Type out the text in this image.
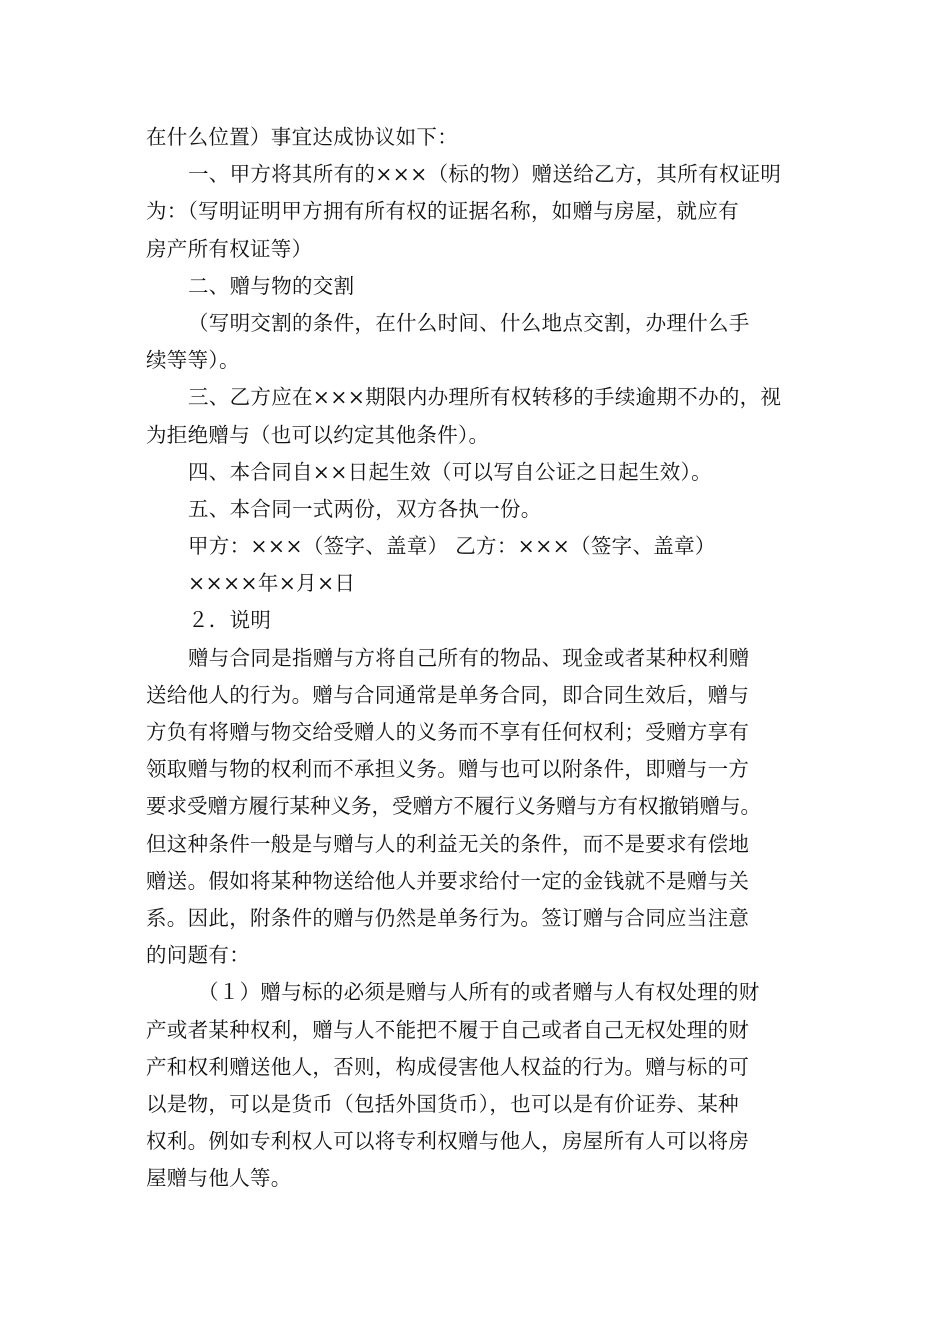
在什么位置）事宜达成协议如下：
一、甲方将其所有的×××（标的物）赠送给乙方，其所有权证明
为：（写明证明甲方拥有所有权的证据名称，如赠与房屋，就应有
房产所有权证等）
二、赠与物的交割
（写明交割的条件，在什么时间、什么地点交割，办理什么手
续等等）。
三、乙方应在×××期限内办理所有权转移的手续逾期不办的，视
为拒绝赠与（也可以约定其他条件）。
四、本合同自××日起生效（可以写自公证之日起生效）。
五、本合同一式两份，双方各执一份。
甲方：×××（签字、盖章） 乙方：×××（签字、盖章）
××××年×月×日
２．说明
赠与合同是指赠与方将自己所有的物品、现金或者某种权利赠
送给他人的行为。赠与合同通常是单务合同，即合同生效后，赠与
方负有将赠与物交给受赠人的义务而不享有任何权利；受赠方享有
领取赠与物的权利而不承担义务。赠与也可以附条件，即赠与一方
要求受赠方履行某种义务，受赠方不履行义务赠与方有权撤销赠与。
但这种条件一般是与赠与人的利益无关的条件，而不是要求有偿地
赠送。假如将某种物送给他人并要求给付一定的金钱就不是赠与关
系。因此，附条件的赠与仍然是单务行为。签订赠与合同应当注意
的问题有：
（１）赠与标的必须是赠与人所有的或者赠与人有权处理的财
产或者某种权利，赠与人不能把不履于自己或者自己无权处理的财
产和权利赠送他人，否则，构成侵害他人权益的行为。赠与标的可
以是物，可以是货币（包括外国货币），也可以是有价证券、某种
权利。例如专利权人可以将专利权赠与他人，房屋所有人可以将房
屋赠与他人等。
